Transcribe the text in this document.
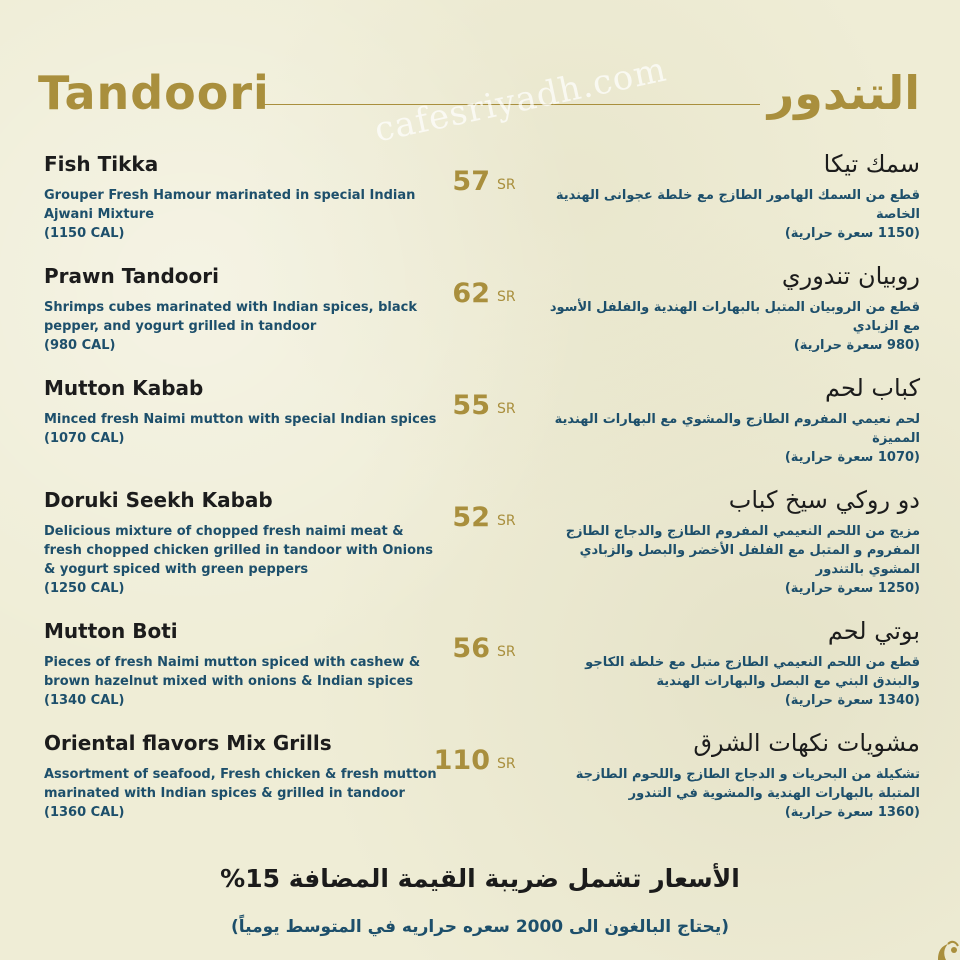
Tandoori	cafesriyadh.com التندور
Fish Tikka
Grouper Fresh Hamour marinated in special Indian Ajwani Mixture
(1150 CAL)
57 SR
سمك تيكا
قطع من السمك الهامور الطازج مع خلطة عجوانى الهندية الخاصة
(1150 سعرة حرارية)
Prawn Tandoori
Shrimps cubes marinated with Indian spices, black pepper, and yogurt grilled in tandoor
(980 CAL)
62 SR
روبيان تندوري
قطع من الروبيان المتبل بالبهارات الهندية والفلفل الأسود مع الزبادي
(980 سعرة حرارية)
Mutton Kabab
Minced fresh Naimi mutton with special Indian spices
(1070 CAL)
55 SR
كباب لحم
لحم نعيمي المفروم الطازج والمشوي مع البهارات الهندية المميزة
(1070 سعرة حرارية)
Doruki Seekh Kabab
Delicious mixture of chopped fresh naimi meat & fresh chopped chicken grilled in tandoor with Onions & yogurt spiced with green peppers
(1250 CAL)
52 SR
دو روكي سيخ كباب
مزيج من اللحم النعيمي المفروم الطازج والدجاج الطازج المفروم و المتبل مع الفلفل الأخضر والبصل والزبادي المشوي بالتندور
(1250 سعرة حرارية)
Mutton Boti
Pieces of fresh Naimi mutton spiced with cashew & brown hazelnut mixed with onions & Indian spices
(1340 CAL)
56 SR
بوتي لحم
قطع من اللحم النعيمي الطازج متبل مع خلطة الكاجو والبندق البني مع البصل والبهارات الهندية
(1340 سعرة حرارية)
Oriental flavors Mix Grills
Assortment of seafood, Fresh chicken & fresh mutton marinated with Indian spices & grilled in tandoor
(1360 CAL)
110 SR
مشويات نكهات الشرق
تشكيلة من البحريات و الدجاج الطازج واللحوم الطازجة المتبلة بالبهارات الهندية والمشوية في التندور
(1360 سعرة حرارية)
الأسعار تشمل ضريبة القيمة المضافة 15%
(يحتاج البالغون الى 2000 سعره حراريه في المتوسط يومياً)
